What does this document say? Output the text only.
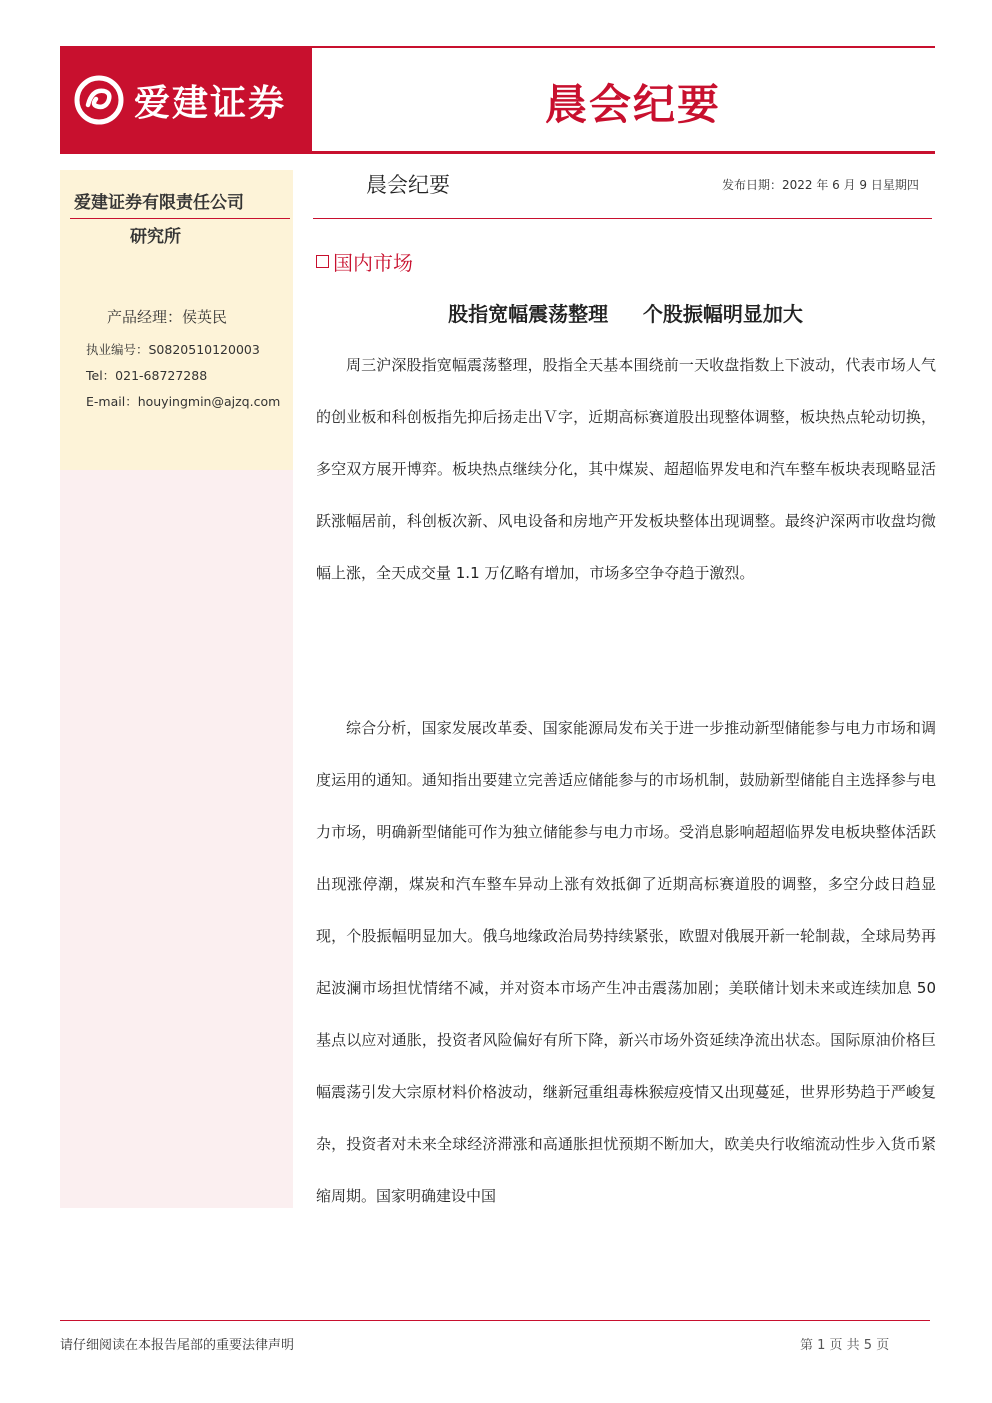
爱建证券	晨会纪要
爱建证券有限责任公司
研究所
产品经理：侯英民
执业编号：S0820510120003
Tel：021-68727288
E-mail：houyingmin@ajzq.com
晨会纪要	发布日期：2022 年 6 月 9 日星期四
国内市场
股指宽幅震荡整理     个股振幅明显加大

周三沪深股指宽幅震荡整理，股指全天基本围绕前一天收盘指数上下波动，代表市场人气的创业板和科创板指先抑后扬走出Ｖ字，近期高标赛道股出现整体调整，板块热点轮动切换，多空双方展开博弈。板块热点继续分化，其中煤炭、超超临界发电和汽车整车板块表现略显活跃涨幅居前，科创板次新、风电设备和房地产开发板块整体出现调整。最终沪深两市收盘均微幅上涨，全天成交量 1.1 万亿略有增加，市场多空争夺趋于激烈。

综合分析，国家发展改革委、国家能源局发布关于进一步推动新型储能参与电力市场和调度运用的通知。通知指出要建立完善适应储能参与的市场机制，鼓励新型储能自主选择参与电力市场，明确新型储能可作为独立储能参与电力市场。受消息影响超超临界发电板块整体活跃出现涨停潮，煤炭和汽车整车异动上涨有效抵御了近期高标赛道股的调整，多空分歧日趋显现，个股振幅明显加大。俄乌地缘政治局势持续紧张，欧盟对俄展开新一轮制裁，全球局势再起波澜市场担忧情绪不减，并对资本市场产生冲击震荡加剧；美联储计划未来或连续加息 50 基点以应对通胀，投资者风险偏好有所下降，新兴市场外资延续净流出状态。国际原油价格巨幅震荡引发大宗原材料价格波动，继新冠重组毒株猴痘疫情又出现蔓延，世界形势趋于严峻复杂，投资者对未来全球经济滞涨和高通胀担忧预期不断加大，欧美央行收缩流动性步入货币紧缩周期。国家明确建设中国

请仔细阅读在本报告尾部的重要法律声明	第 1 页 共 5 页
